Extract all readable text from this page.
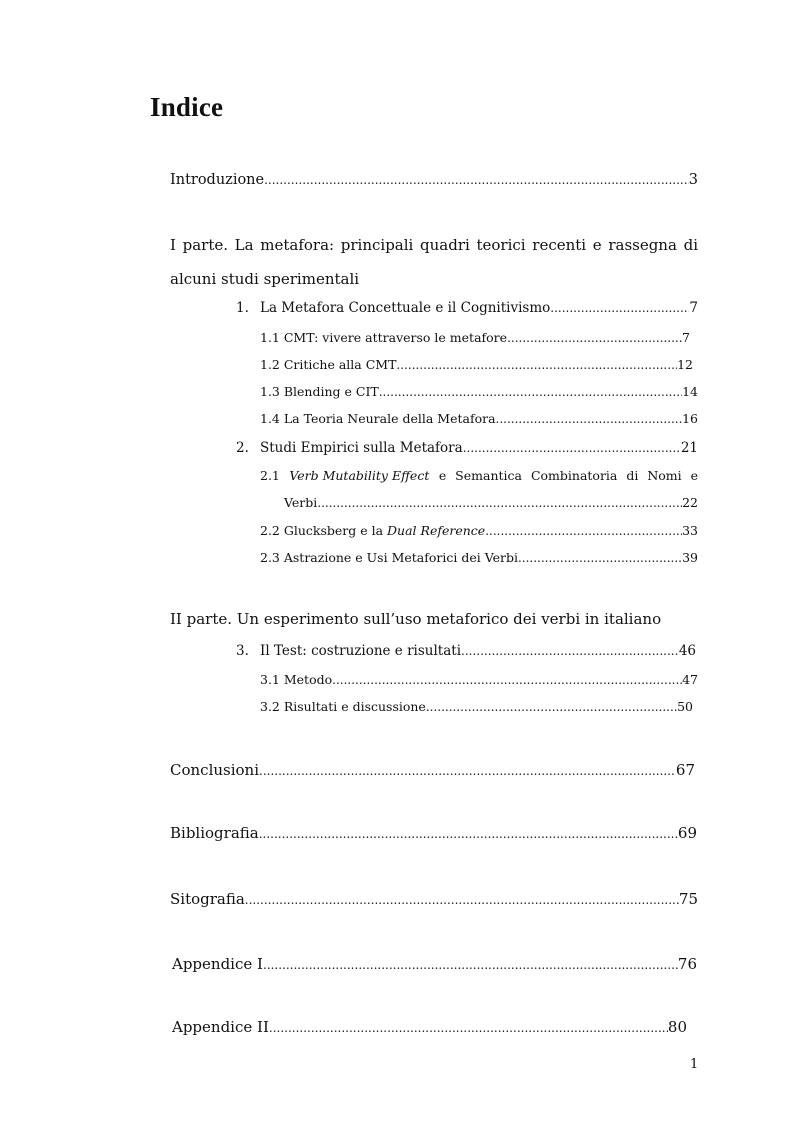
Indice
Introduzione .....	3
I parte. La metafora: principali quadri teorici recenti e rassegna di
alcuni studi sperimentali
1. La Metafora Concettuale e il Cognitivismo .....	7
1.1 CMT: vivere attraverso le metafore .....	7
1.2 Critiche alla CMT .....	12
1.3 Blending e CIT .....	14
1.4 La Teoria Neurale della Metafora .....	16
2. Studi Empirici sulla Metafora .....	21
2.1 Verb Mutability Effect e Semantica Combinatoria di Nomi e
Verbi .....	22
2.2 Glucksberg e la Dual Reference .....	33
2.3 Astrazione e Usi Metaforici dei Verbi .....	39
II parte. Un esperimento sull’uso metaforico dei verbi in italiano
3. Il Test: costruzione e risultati .....	46
3.1 Metodo .....	47
3.2 Risultati e discussione .....	50
Conclusioni .....	67
Bibliografia .....	69
Sitografia .....	75
Appendice I .....	76
Appendice II .....	80
1
